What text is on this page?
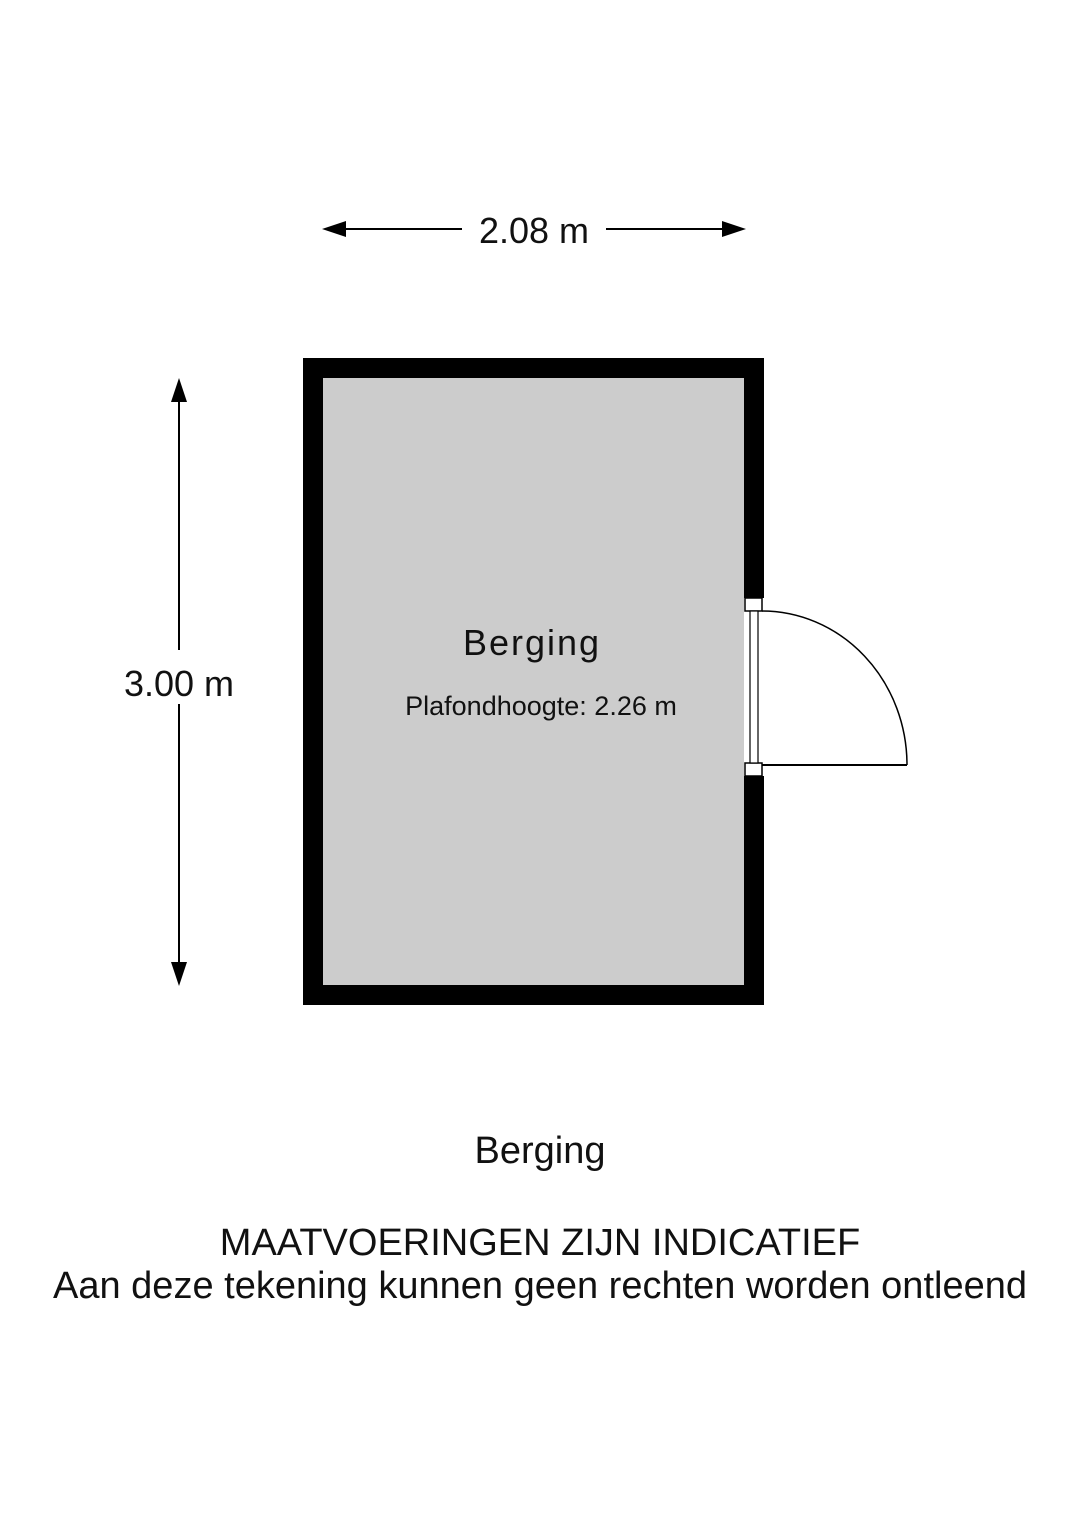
2.08 m
3.00 m
Berging
Plafondhoogte: 2.26 m
Berging
MAATVOERINGEN ZIJN INDICATIEF
Aan deze tekening kunnen geen rechten worden ontleend
